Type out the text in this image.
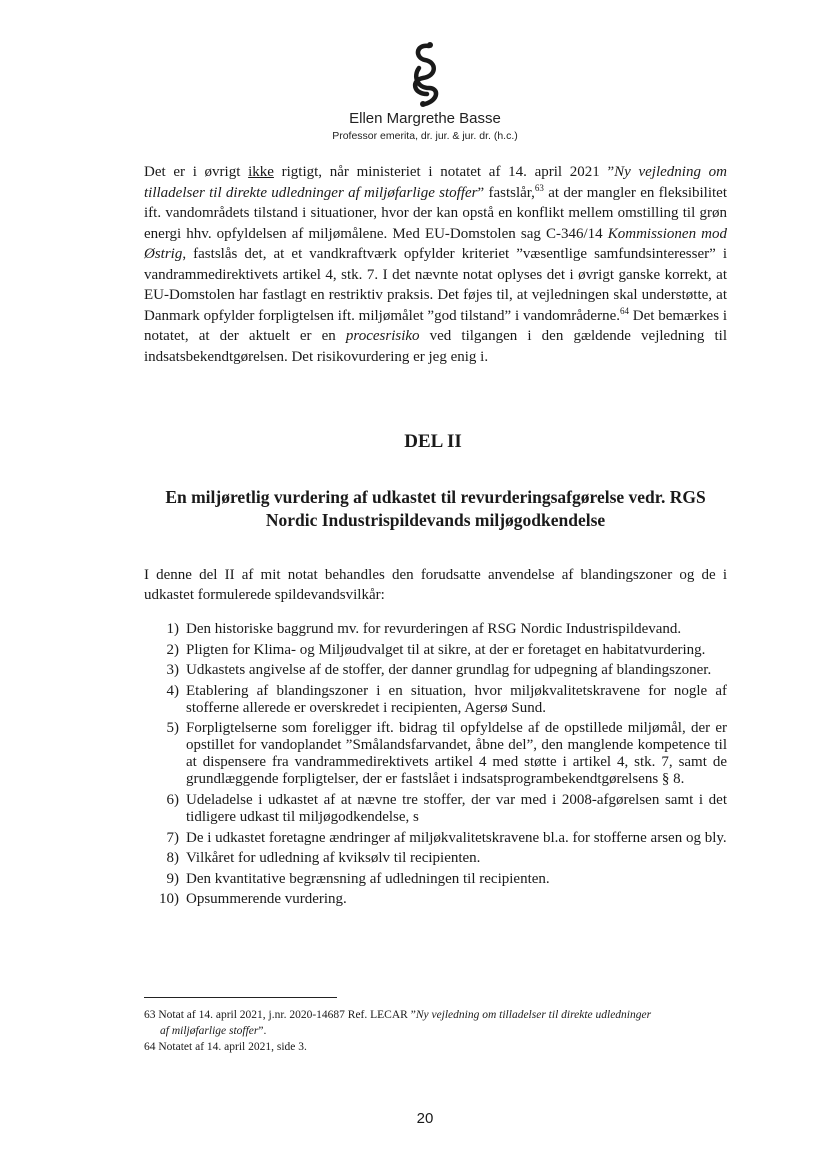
Ellen Margrethe Basse
Professor emerita, dr. jur. & jur. dr. (h.c.)

Det er i øvrigt ikke rigtigt, når ministeriet i notatet af 14. april 2021 ”Ny vejledning om tilladelser til direkte udledninger af miljøfarlige stoffer” fastslår,$^{63}$ at der mangler en fleksibilitet ift. vandområdets tilstand i situationer, hvor der kan opstå en konflikt mellem omstilling til grøn energi hhv. opfyldelsen af miljømålene. Med EU-Domstolen sag C-346/14 Kommissionen mod Østrig, fastslås det, at et vandkraftværk opfylder kriteriet ”væsentlige samfundsinteresser” i vandrammedirektivets artikel 4, stk. 7. I det nævnte notat oplyses det i øvrigt ganske korrekt, at EU-Domstolen har fastlagt en restriktiv praksis. Det føjes til, at vejledningen skal understøtte, at Danmark opfylder forpligtelsen ift. miljømålet ”god tilstand” i vandområderne.$^{64}$ Det bemærkes i notatet, at der aktuelt er en procesrisiko ved tilgangen i den gældende vejledning til indsatsbekendtgørelsen. Det risikovurdering er jeg enig i.

DEL II
En miljøretlig vurdering af udkastet til revurderingsafgørelse vedr. RGS Nordic Industrispildevands miljøgodkendelse

I denne del II af mit notat behandles den forudsatte anvendelse af blandingszoner og de i udkastet formulerede spildevandsvilkår:

1) Den historiske baggrund mv. for revurderingen af RSG Nordic Industrispildevand.
2) Pligten for Klima- og Miljøudvalget til at sikre, at der er foretaget en habitatvurdering.
3) Udkastets angivelse af de stoffer, der danner grundlag for udpegning af blandingszoner.
4) Etablering af blandingszoner i en situation, hvor miljøkvalitetskravene for nogle af stofferne allerede er overskredet i recipienten, Agersø Sund.
5) Forpligtelserne som foreligger ift. bidrag til opfyldelse af de opstillede miljømål, der er opstillet for vandoplandet ”Smålandsfarvandet, åbne del”, den manglende kompetence til at dispensere fra vandrammedirektivets artikel 4 med støtte i artikel 4, stk. 7, samt de grundlæggende forpligtelser, der er fastslået i indsatsprogrambekendtgørelsens § 8.
6) Udeladelse i udkastet af at nævne tre stoffer, der var med i 2008-afgørelsen samt i det tidligere udkast til miljøgodkendelse, s
7) De i udkastet foretagne ændringer af miljøkvalitetskravene bl.a. for stofferne arsen og bly.
8) Vilkåret for udledning af kviksølv til recipienten.
9) Den kvantitative begrænsning af udledningen til recipienten.
10) Opsummerende vurdering.
63 Notat af 14. april 2021, j.nr. 2020-14687 Ref. LECAR ”Ny vejledning om tilladelser til direkte udledninger
af miljøfarlige stoffer”.
64 Notatet af 14. april 2021, side 3.
20
